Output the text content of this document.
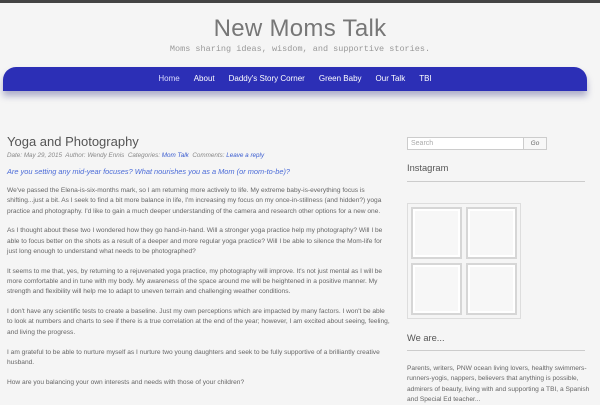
New Moms Talk
Moms sharing ideas, wisdom, and supportive stories.
Home	About	Daddy's Story Corner	Green Baby	Our Talk	TBI
Yoga and Photography
Date: May 29, 2015 Author: Wendy Ennis Categories: Mom Talk Comments: Leave a reply
Are you setting any mid-year focuses? What nourishes you as a Mom (or mom-to-be)?

We've passed the Elena-is-six-months mark, so I am returning more actively to life. My extreme baby-is-everything focus is shifting...just a bit. As I seek to find a bit more balance in life, I'm increasing my focus on my once-in-stillness (and hidden?) yoga practice and photography. I'd like to gain a much deeper understanding of the camera and research other options for a new one.

As I thought about these two I wondered how they go hand-in-hand. Will a stronger yoga practice help my photography? Will I be able to focus better on the shots as a result of a deeper and more regular yoga practice? Will I be able to silence the Mom-life for just long enough to understand what needs to be photographed?

It seems to me that, yes, by returning to a rejuvenated yoga practice, my photography will improve. It's not just mental as I will be more comfortable and in tune with my body. My awareness of the space around me will be heightened in a positive manner. My strength and flexibility will help me to adapt to uneven terrain and challenging weather conditions.

I don't have any scientific tests to create a baseline. Just my own perceptions which are impacted by many factors. I won't be able to look at numbers and charts to see if there is a true correlation at the end of the year; however, I am excited about seeing, feeling, and living the progress.

I am grateful to be able to nurture myself as I nurture two young daughters and seek to be fully supportive of a brilliantly creative husband.

How are you balancing your own interests and needs with those of your children?

Search	Go
Instagram
We are...
Parents, writers, PNW ocean living lovers, healthy swimmers-runners-yogis, nappers, believers that anything is possible, admirers of beauty, living with and supporting a TBI, a Spanish and Special Ed teacher...
